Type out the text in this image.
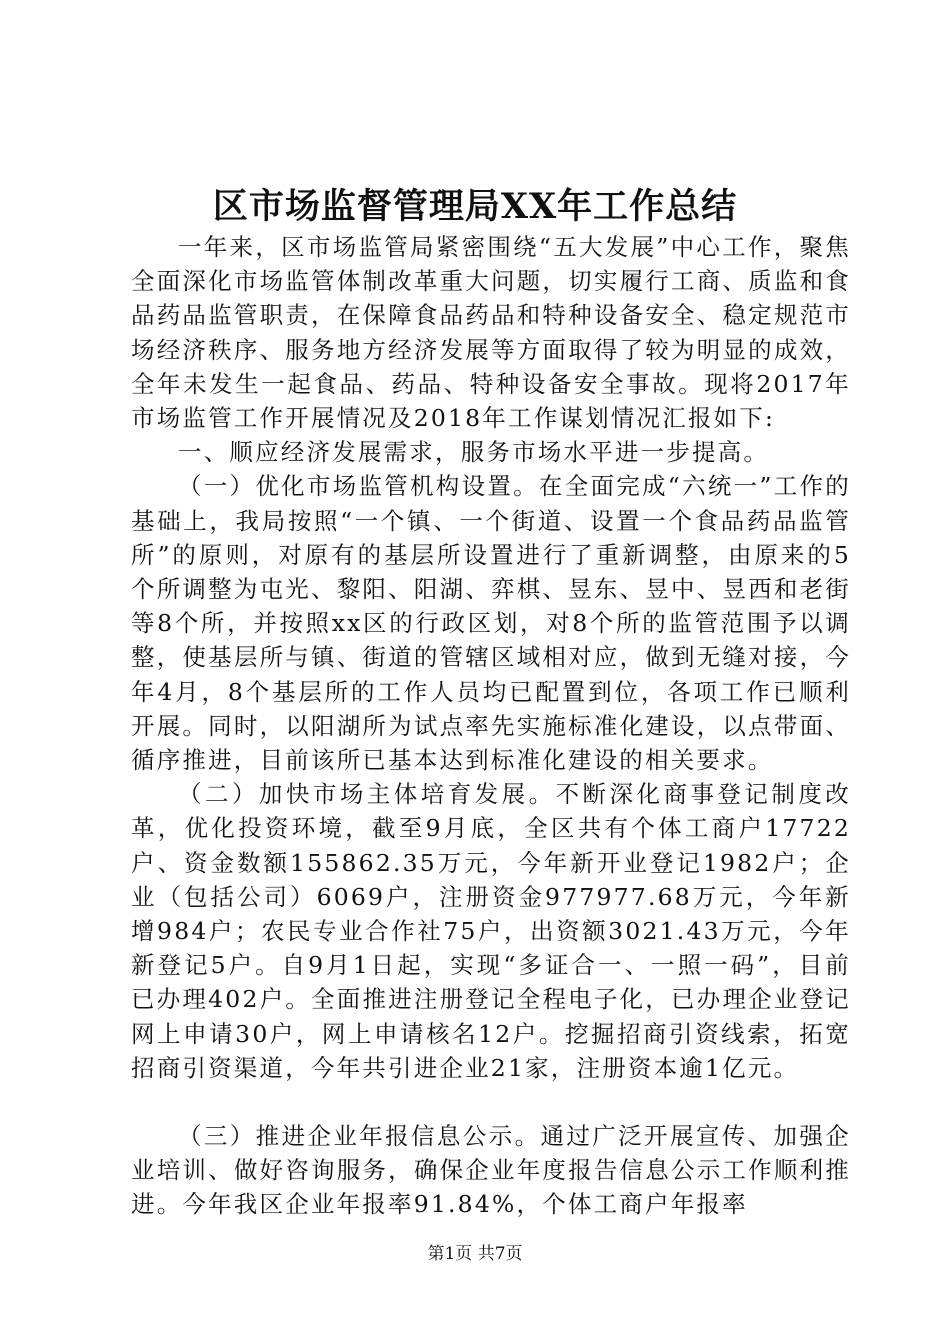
区市场监督管理局XX年工作总结

一年来，区市场监管局紧密围绕“五大发展”中心工作，聚焦全面深化市场监管体制改革重大问题，切实履行工商、质监和食品药品监管职责，在保障食品药品和特种设备安全、稳定规范市场经济秩序、服务地方经济发展等方面取得了较为明显的成效，全年未发生一起食品、药品、特种设备安全事故。现将2017年市场监管工作开展情况及2018年工作谋划情况汇报如下:

一、顺应经济发展需求，服务市场水平进一步提高。

（一）优化市场监管机构设置。在全面完成“六统一”工作的基础上，我局按照“一个镇、一个街道、设置一个食品药品监管所”的原则，对原有的基层所设置进行了重新调整，由原来的5个所调整为屯光、黎阳、阳湖、弈棋、昱东、昱中、昱西和老街等8个所，并按照xx区的行政区划，对8个所的监管范围予以调整，使基层所与镇、街道的管辖区域相对应，做到无缝对接，今年4月，8个基层所的工作人员均已配置到位，各项工作已顺利开展。同时，以阳湖所为试点率先实施标准化建设，以点带面、循序推进，目前该所已基本达到标准化建设的相关要求。

（二）加快市场主体培育发展。不断深化商事登记制度改革，优化投资环境，截至9月底，全区共有个体工商户17722户、资金数额155862.35万元，今年新开业登记1982户；企业（包括公司）6069户，注册资金977977.68万元，今年新增984户；农民专业合作社75户，出资额3021.43万元，今年新登记5户。自9月1日起，实现“多证合一、一照一码”，目前已办理402户。全面推进注册登记全程电子化，已办理企业登记网上申请30户，网上申请核名12户。挖掘招商引资线索，拓宽招商引资渠道，今年共引进企业21家，注册资本逾1亿元。

（三）推进企业年报信息公示。通过广泛开展宣传、加强企业培训、做好咨询服务，确保企业年度报告信息公示工作顺利推进。今年我区企业年报率91.84%，个体工商户年报率

第1页 共7页
